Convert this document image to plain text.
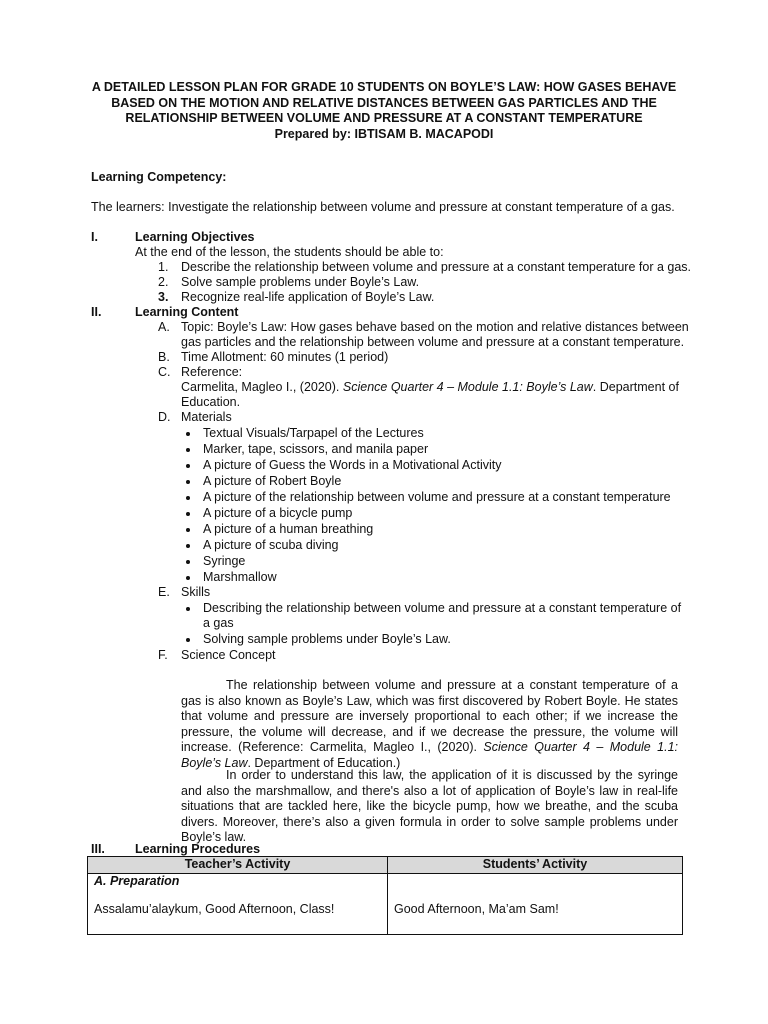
A DETAILED LESSON PLAN FOR GRADE 10 STUDENTS ON BOYLE’S LAW: HOW GASES BEHAVE
BASED ON THE MOTION AND RELATIVE DISTANCES BETWEEN GAS PARTICLES AND THE
RELATIONSHIP BETWEEN VOLUME AND PRESSURE AT A CONSTANT TEMPERATURE
Prepared by: IBTISAM B. MACAPODI
Learning Competency:
The learners: Investigate the relationship between volume and pressure at constant temperature of a gas.
I.	Learning Objectives
At the end of the lesson, the students should be able to:
1. Describe the relationship between volume and pressure at a constant temperature for a gas.
2. Solve sample problems under Boyle’s Law.
3. Recognize real-life application of Boyle’s Law.
II.	Learning Content
A. Topic: Boyle’s Law: How gases behave based on the motion and relative distances between
gas particles and the relationship between volume and pressure at a constant temperature.
B. Time Allotment: 60 minutes (1 period)
C. Reference:
Carmelita, Magleo I., (2020). Science Quarter 4 – Module 1.1: Boyle’s Law. Department of
Education.
D. Materials
Textual Visuals/Tarpapel of the Lectures
Marker, tape, scissors, and manila paper
A picture of Guess the Words in a Motivational Activity
A picture of Robert Boyle
A picture of the relationship between volume and pressure at a constant temperature
A picture of a bicycle pump
A picture of a human breathing
A picture of scuba diving
Syringe
Marshmallow
E. Skills
Describing the relationship between volume and pressure at a constant temperature of
a gas
Solving sample problems under Boyle’s Law.
F. Science Concept
The relationship between volume and pressure at a constant temperature of a gas is also known as Boyle’s Law, which was first discovered by Robert Boyle. He states that volume and pressure are inversely proportional to each other; if we increase the pressure, the volume will decrease, and if we decrease the pressure, the volume will increase. (Reference: Carmelita, Magleo I., (2020). Science Quarter 4 – Module 1.1: Boyle’s Law. Department of Education.)
In order to understand this law, the application of it is discussed by the syringe and also the marshmallow, and there's also a lot of application of Boyle’s law in real-life situations that are tackled here, like the bicycle pump, how we breathe, and the scuba divers. Moreover, there’s also a given formula in order to solve sample problems under Boyle’s law.
III. Learning Procedures
Teacher’s Activity	Students’ Activity

A. Preparation
Assalamu’alaykum, Good Afternoon, Class!	Good Afternoon, Ma’am Sam!
